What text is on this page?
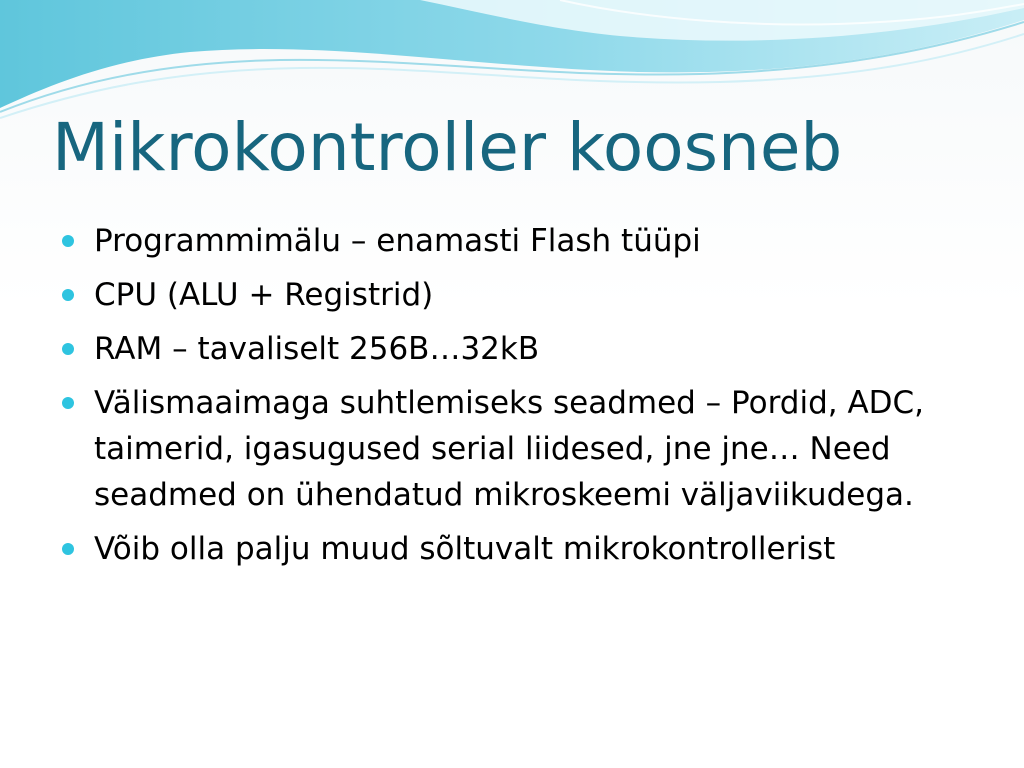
Mikrokontroller koosneb
Programmimälu – enamasti Flash tüüpi
CPU (ALU + Registrid)
RAM – tavaliselt 256B…32kB
Välismaaimaga suhtlemiseks seadmed – Pordid, ADC, taimerid, igasugused serial liidesed, jne jne… Need seadmed on ühendatud mikroskeemi väljaviikudega.
Võib olla palju muud sõltuvalt mikrokontrollerist
